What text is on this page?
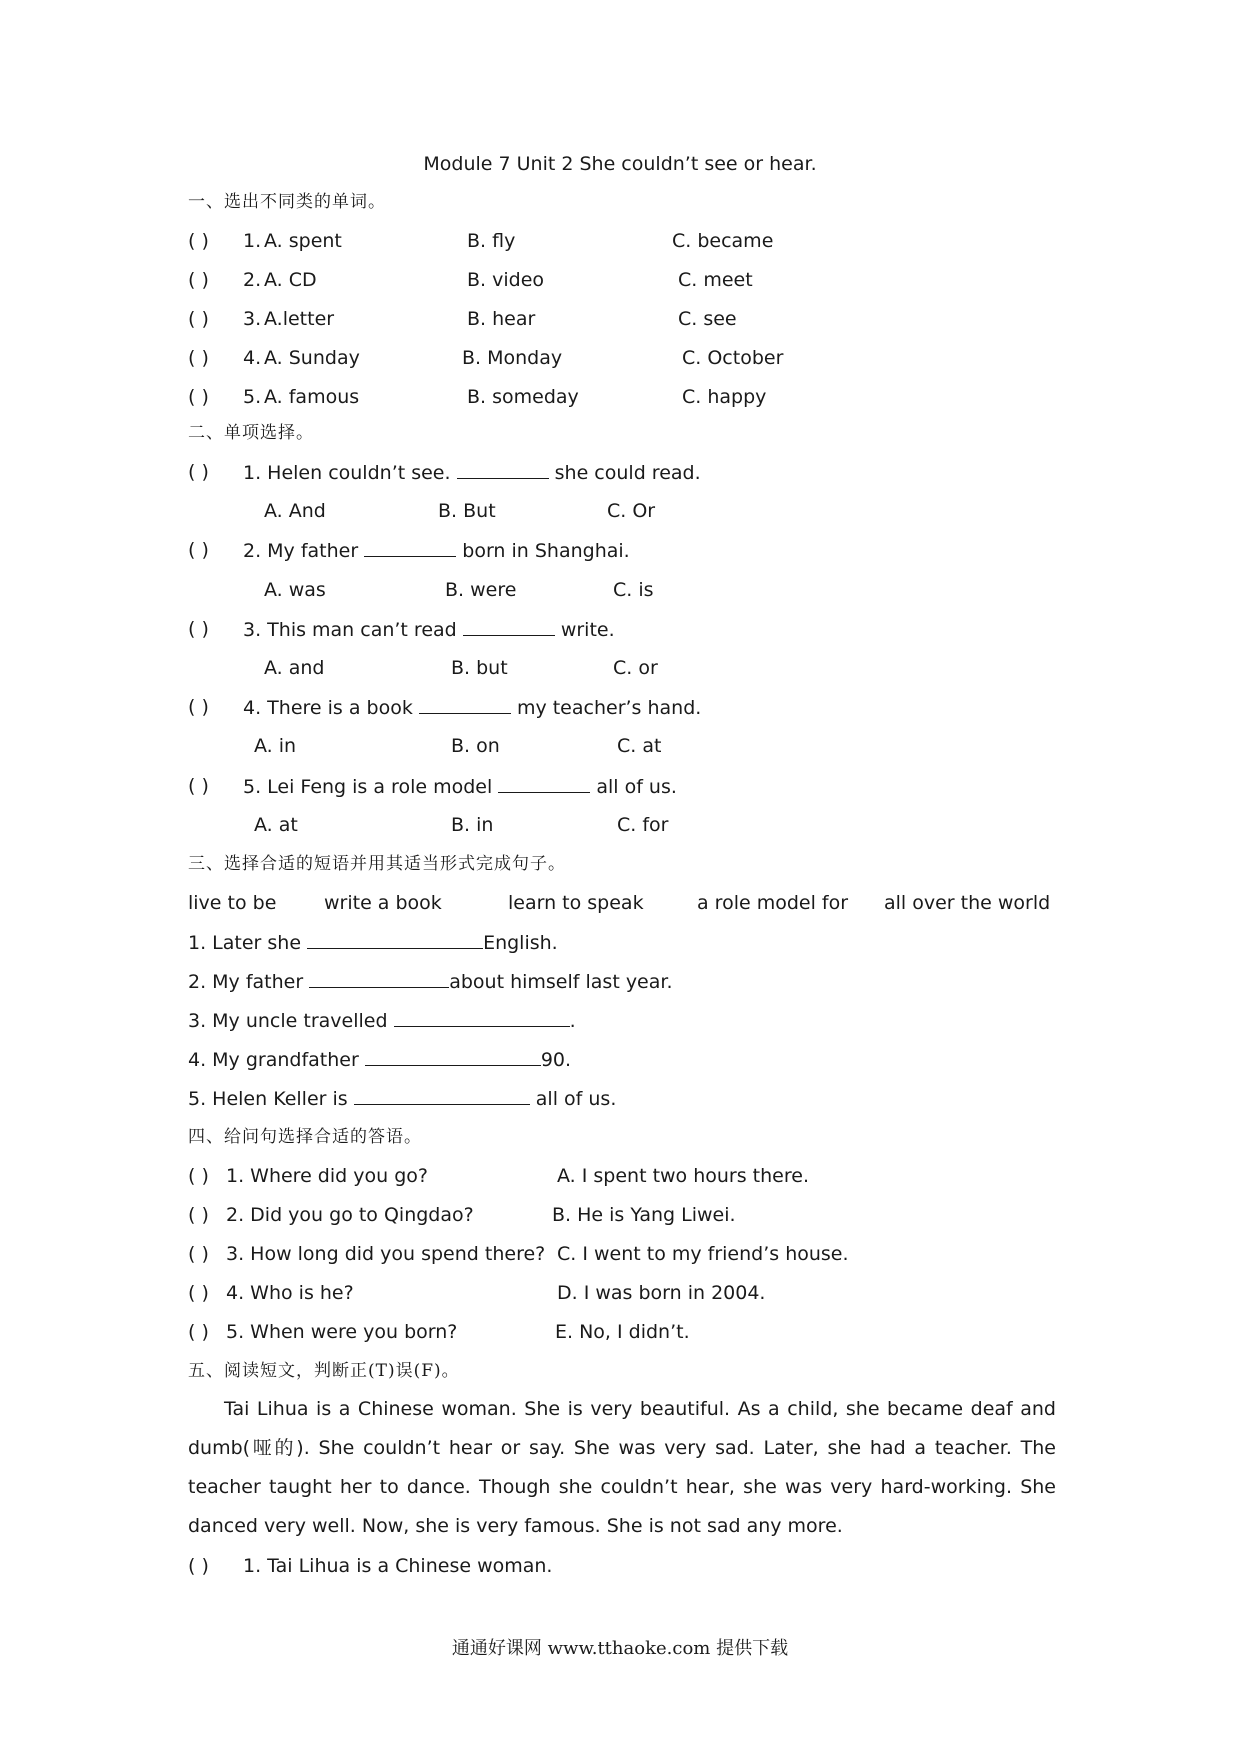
Module 7 Unit 2 She couldn’t see or hear.
一、选出不同类的单词。
( ) 1. A. spent	B. fly	C. became
( ) 2. A. CD	B. video	C. meet
( ) 3. A.letter	B. hear	C. see
( ) 4. A. Sunday	B. Monday	C. October
( ) 5. A. famous	B. someday	C. happy
二、单项选择。
( ) 1. Helen couldn’t see.	she could read.
A. And	B. But	C. Or
( ) 2. My father	born in Shanghai.
A. was	B. were	C. is
( ) 3. This man can’t read	write.
A. and	B. but	C. or
( ) 4. There is a book	my teacher’s hand.
A. in	B. on	C. at
( ) 5. Lei Feng is a role model	all of us.
A. at	B. in	C. for
三、选择合适的短语并用其适当形式完成句子。
live to be	write a book	learn to speak	a role model for all over the world
1. Later she	English.
2. My father	about himself last year.
3. My uncle travelled	.
4. My grandfather	90.
5. Helen Keller is	all of us.
四、给问句选择合适的答语。
( ) 1. Where did you go?	A. I spent two hours there.
( ) 2. Did you go to Qingdao?	B. He is Yang Liwei.
( ) 3. How long did you spend there? C. I went to my friend’s house.
( ) 4. Who is he?	D. I was born in 2004.
( ) 5. When were you born?	E. No, I didn’t.
五、阅读短文，判断正(T)误(F)。

Tai Lihua is a Chinese woman. She is very beautiful. As a child, she became deaf and dumb(哑的). She couldn’t hear or say. She was very sad. Later, she had a teacher. The teacher taught her to dance. Though she couldn’t hear, she was very hard-working. She danced very well. Now, she is very famous. She is not sad any more.

( ) 1. Tai Lihua is a Chinese woman.
通通好课网 www.tthaoke.com 提供下载
